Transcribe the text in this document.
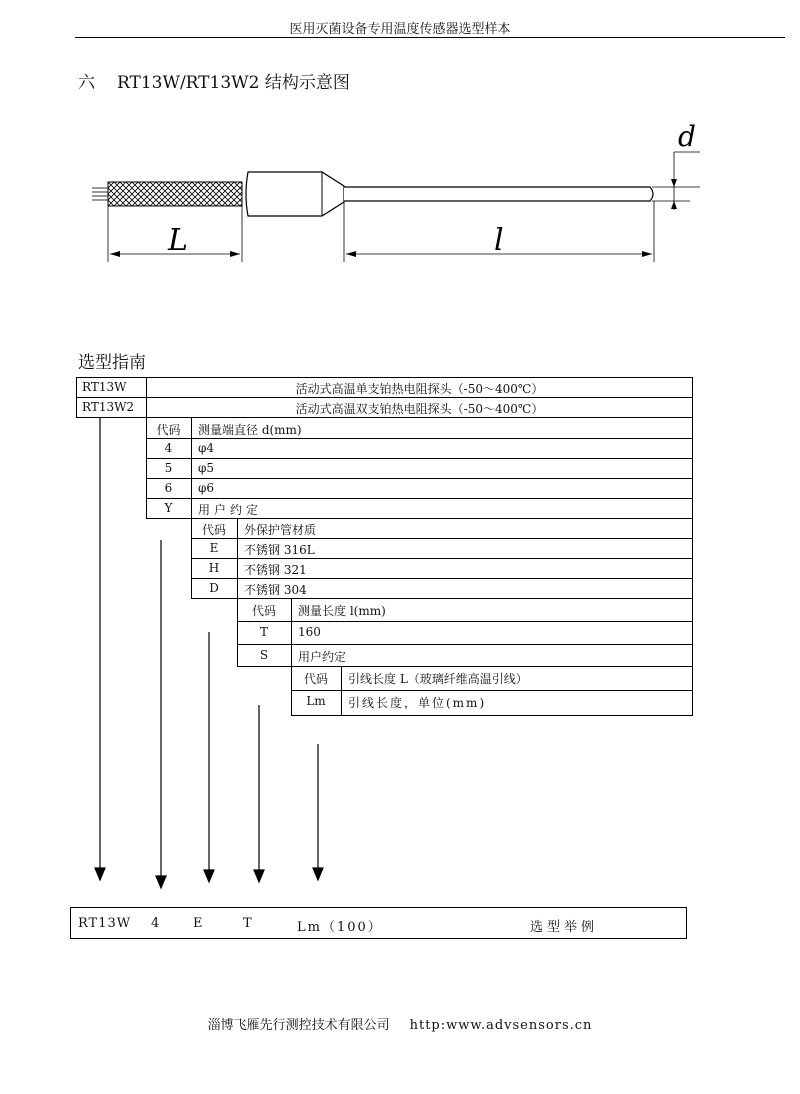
医用灭菌设备专用温度传感器选型样本
六 RT13W/RT13W2 结构示意图
L	l
d
选型指南
RT13W	活动式高温单支铂热电阻探头（-50～400℃）
RT13W2	活动式高温双支铂热电阻探头（-50～400℃）
代码	测量端直径 d(mm)
4	φ4
5	φ5
6	φ6
Y	用户约定
代码	外保护管材质
E	不锈钢 316L
H	不锈钢 321
D	不锈钢 304
代码	测量长度 l(mm)
T	160
S	用户约定
代码	引线长度 L（玻璃纤维高温引线）
Lm	引线长度，单位(mm)
RT13W 4	E	T	Lm（100）	选型举例
淄博飞雁先行测控技术有限公司 http:www.advsensors.cn
